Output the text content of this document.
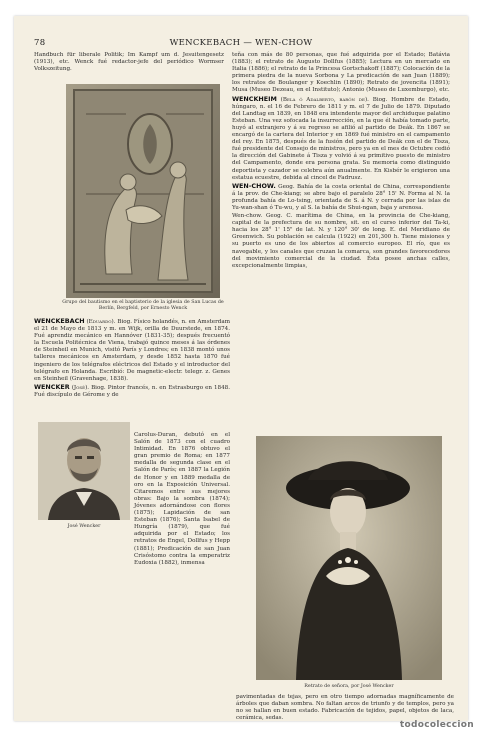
78	WENCKEBACH — WEN-CHOW

Handbuch für liberale Politik; Im Kampf um d. Jesuitengesetz (1913), etc. Wenck fué redactor-jefe del periódico Wormser Volkszeitung.

Grupo del bautismo en el baptisterio de la iglesia de San Lucas de Berlín, Bergfeld, por Ernesto Wenck

teña con más de 80 personas, que fué adquirida por el Estado; Batávia (1883); el retrato de Augusto Dollfus (1885); Lectura en un mercado en Italia (1886); el retrato de la Princesa Gortschakoff (1887); Colocación de la primera piedra de la nueva Sorbona y La predicación de san Juan (1889); los retratos de Boulanger y Koechlin (1890); Retrato de jovencita (1891); Musa (Museo Dezeau, en el Instituto); Antonio (Museo de Luxemburgo), etc.

WENCKHEIM (Bela ó Adalberto, barón de). Biog. Hombre de Estado, húngaro, n. el 16 de Febrero de 1811 y m. el 7 de Julio de 1879. Diputado del Landtag en 1839, en 1848 era intendente mayor del archiduque palatino Esteban. Una vez sofocada la insurrección, en la que él había tomado parte, huyó al extranjero y á su regreso se afilió al partido de Deák. En 1867 se encargó de la cartera del Interior y en 1869 fué ministro en el campamento del rey. En 1875, después de la fusión del partido de Deák con el de Tisza, fué presidente del Consejo de ministros, pero ya en el mes de Octubre cedió la dirección del Gabinete á Tisza y volvió á su primitivo puesto de ministro del Campamento, donde era persona grata. Su memoria como distinguido deportista y cazador se celebra aún anualmente. En Kisbér le erigieron una estatua ecuestre, debida al cincel de Fadrusz.

WEN-CHOW. Geog. Bahía de la costa oriental de China, correspondiente á la prov. de Che-kiang; se abre bajo el paralelo 28° 15' N. Forma al N. la profunda bahía de Lo-tsing, orientada de S. á N. y cerrada por las islas de Yu-wan-shan ó Tu-wu, y al S. la bahía de Shui-ngan, baja y arenosa.

Wen-chow. Geog. C. marítima de China, en la provincia de Che-kiang, capital de la prefectura de su nombre, sit. en el curso inferior del Ta-ki, hacia los 28° 1' 15" de lat. N. y 120° 30' de long. E. del Meridiano de Greenwich. Su población se calcula (1922) en 201,300 h. Tiene misiones y su puerto es uno de los abiertos al comercio europeo. El río, que es navegable, y los canales que cruzan la comarca, son grandes favorecedores del movimiento comercial de la ciudad. Ésta posee anchas calles, excepcionalmente limpias,

WENCKEBACH (Eduardo). Biog. Físico holandés, n. en Amsterdam el 21 de Mayo de 1813 y m. en Wijk, orilla de Duurstede, en 1874. Fué aprendiz mecánico en Hannóver (1831-35); después frecuentó la Escuela Politécnica de Viena, trabajó quince meses á las órdenes de Steinheil en Munich, visitó París y Londres; en 1838 montó unos talleres mecánicos en Amsterdam, y desde 1852 hasta 1870 fué ingeniero de los telégrafos eléctricos del Estado y el introductor del telégrafo en Holanda. Escribió: De magnetic-electr. telegr. z. Genes en Steinheil (Gravenhage, 1838).

WENCKER (José). Biog. Pintor francés, n. en Estrasburgo en 1848. Fué discípulo de Gérome y de

José Wencker

Carolus-Duran, debutó en el Salón de 1873 con el cuadro Intimidad. En 1876 obtuvo el gran premio de Roma; en 1877 medalla de segunda clase en el Salón de París; en 1887 la Legión de Honor y en 1889 medalla de oro en la Exposición Universal. Citaremos entre sus mejores obras: Bajo la sombra (1874); Jóvenes adornándose con flores (1875); Lapidación de san Esteban (1876); Santa Isabel de Hungría (1879), que fué adquirida por el Estado; los retratos de Engel, Dollfus y Hepp (1881); Predicación de san Juan Crisóstomo contra la emperatriz Eudoxia (1882), inmensa

Retrato de señora, por José Wencker

pavimentadas de tejas, pero en otro tiempo adornadas magníficamente de árboles que daban sombra. No faltan arcos de triunfo y de templos, pero ya no se hallan en buen estado. Fabricación de tejidos, papel, objetos de laca, cerámica, sedas.

todocoleccion
